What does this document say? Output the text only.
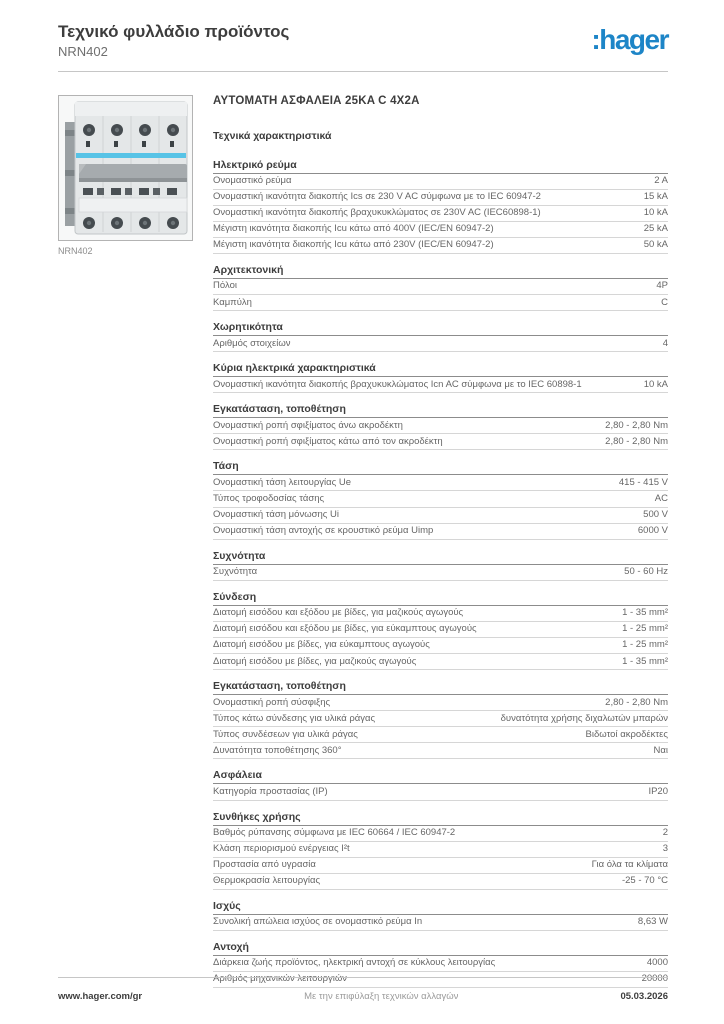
Τεχνικό φυλλάδιο προϊόντος
NRN402	:hager
NRN402
ΑΥΤΟΜΑΤΗ ΑΣΦΑΛΕΙΑ 25KA C 4X2A
Τεχνικά χαρακτηριστικά
Ηλεκτρικό ρεύμα
Ονομαστικό ρεύμα	2 A
Ονομαστική ικανότητα διακοπής Ics σε 230 V AC σύμφωνα με το IEC 60947-2	15 kA
Ονομαστική ικανότητα διακοπής βραχυκυκλώματος σε 230V AC (IEC60898-1)	10 kA
Μέγιστη ικανότητα διακοπής Icu κάτω από 400V (IEC/EN 60947-2)	25 kA
Μέγιστη ικανότητα διακοπής Icu κάτω από 230V (IEC/EN 60947-2)	50 kA
Αρχιτεκτονική
Πόλοι	4P
Καμπύλη	C
Χωρητικότητα
Αριθμός στοιχείων	4
Κύρια ηλεκτρικά χαρακτηριστικά
Ονομαστική ικανότητα διακοπής βραχυκυκλώματος Icn AC σύμφωνα με το IEC 60898-1	10 kA
Εγκατάσταση, τοποθέτηση
Ονομαστική ροπή σφιξίματος άνω ακροδέκτη	2,80 - 2,80 Nm
Ονομαστική ροπή σφιξίματος κάτω από τον ακροδέκτη	2,80 - 2,80 Nm
Τάση
Ονομαστική τάση λειτουργίας Ue	415 - 415 V
Τύπος τροφοδοσίας τάσης	AC
Ονομαστική τάση μόνωσης Ui	500 V
Ονομαστική τάση αντοχής σε κρουστικό ρεύμα Uimp	6000 V
Συχνότητα
Συχνότητα	50 - 60 Hz
Σύνδεση
Διατομή εισόδου και εξόδου με βίδες, για μαζικούς αγωγούς	1 - 35 mm²
Διατομή εισόδου και εξόδου με βίδες, για εύκαμπτους αγωγούς	1 - 25 mm²
Διατομή εισόδου με βίδες, για εύκαμπτους αγωγούς	1 - 25 mm²
Διατομή εισόδου με βίδες, για μαζικούς αγωγούς	1 - 35 mm²
Εγκατάσταση, τοποθέτηση
Ονομαστική ροπή σύσφιξης	2,80 - 2,80 Nm
Τύπος κάτω σύνδεσης για υλικά ράγας	δυνατότητα χρήσης διχαλωτών μπαρών
Τύπος συνδέσεων για υλικά ράγας	Βιδωτοί ακροδέκτες
Δυνατότητα τοποθέτησης 360°	Ναι
Ασφάλεια
Κατηγορία προστασίας (IP)	IP20
Συνθήκες χρήσης
Βαθμός ρύπανσης σύμφωνα με IEC 60664 / IEC 60947-2	2
Κλάση περιορισμού ενέργειας I²t	3
Προστασία από υγρασία	Για όλα τα κλίματα
Θερμοκρασία λειτουργίας	-25 - 70 °C
Ισχύς
Συνολική απώλεια ισχύος σε ονομαστικό ρεύμα In	8,63 W
Αντοχή
Διάρκεια ζωής προϊόντος, ηλεκτρική αντοχή σε κύκλους λειτουργίας	4000
Αριθμός μηχανικών λειτουργιών	20000
www.hager.com/gr	Με την επιφύλαξη τεχνικών αλλαγών	05.03.2026
